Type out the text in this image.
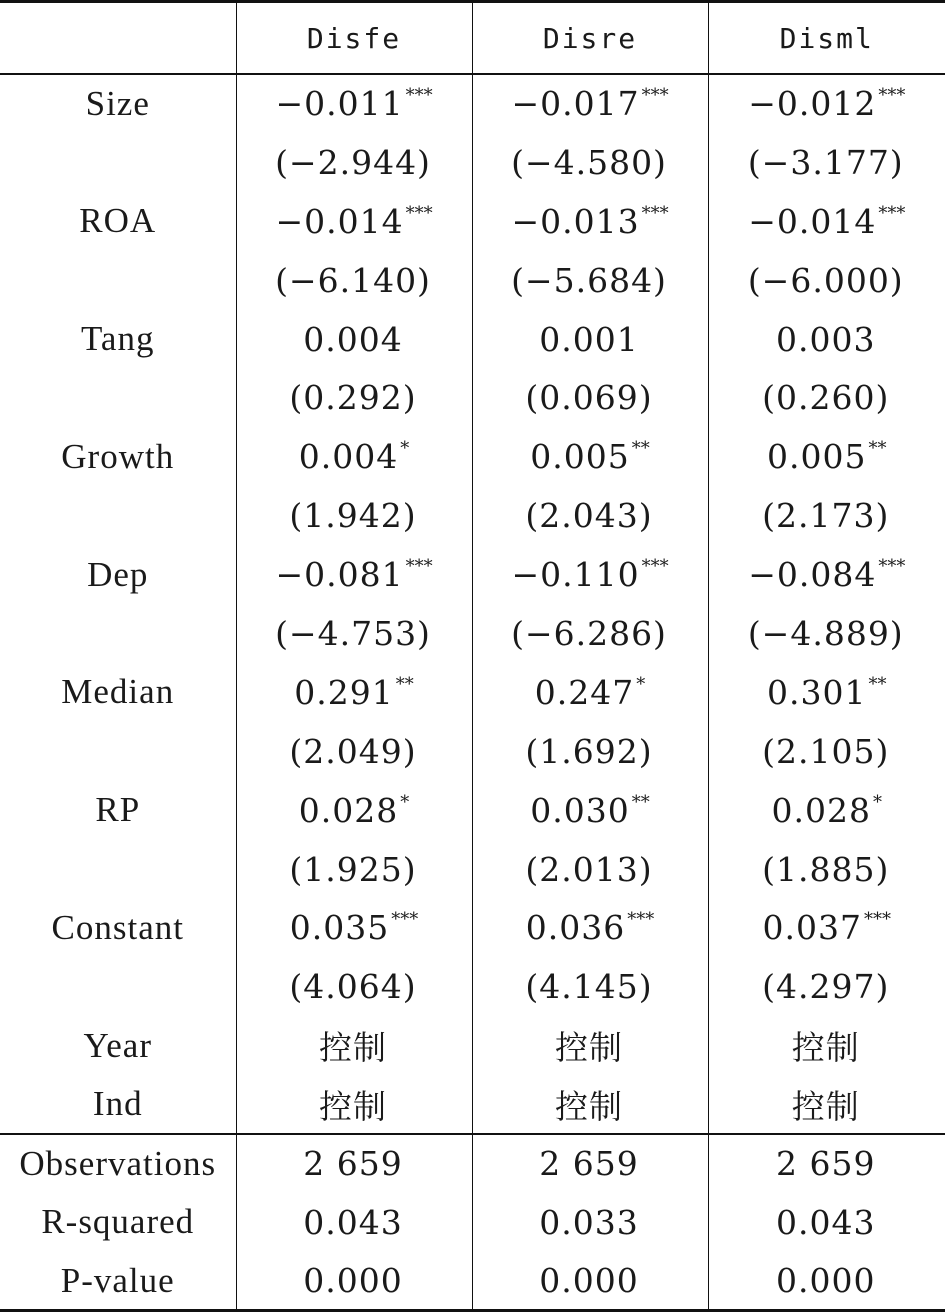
	Disfe	Disre	Disml
Size	−0.011 ***	−0.017 ***	−0.012 ***
	(−2.944)	(−4.580)	(−3.177)
ROA	−0.014 ***	−0.013 ***	−0.014 ***
	(−6.140)	(−5.684)	(−6.000)
Tang	0.004	0.001	0.003
	(0.292)	(0.069)	(0.260)
Growth	0.004 *	0.005 **	0.005 **
	(1.942)	(2.043)	(2.173)
Dep	−0.081 ***	−0.110 ***	−0.084 ***
	(−4.753)	(−6.286)	(−4.889)
Median	0.291 **	0.247 *	0.301 **
	(2.049)	(1.692)	(2.105)
RP	0.028 *	0.030 **	0.028 *
	(1.925)	(2.013)	(1.885)
Constant	0.035 ***	0.036 ***	0.037 ***
	(4.064)	(4.145)	(4.297)
Year	控制	控制	控制
Ind	控制	控制	控制
Observations	2 659	2 659	2 659
R-squared	0.043	0.033	0.043
P-value	0.000	0.000	0.000
